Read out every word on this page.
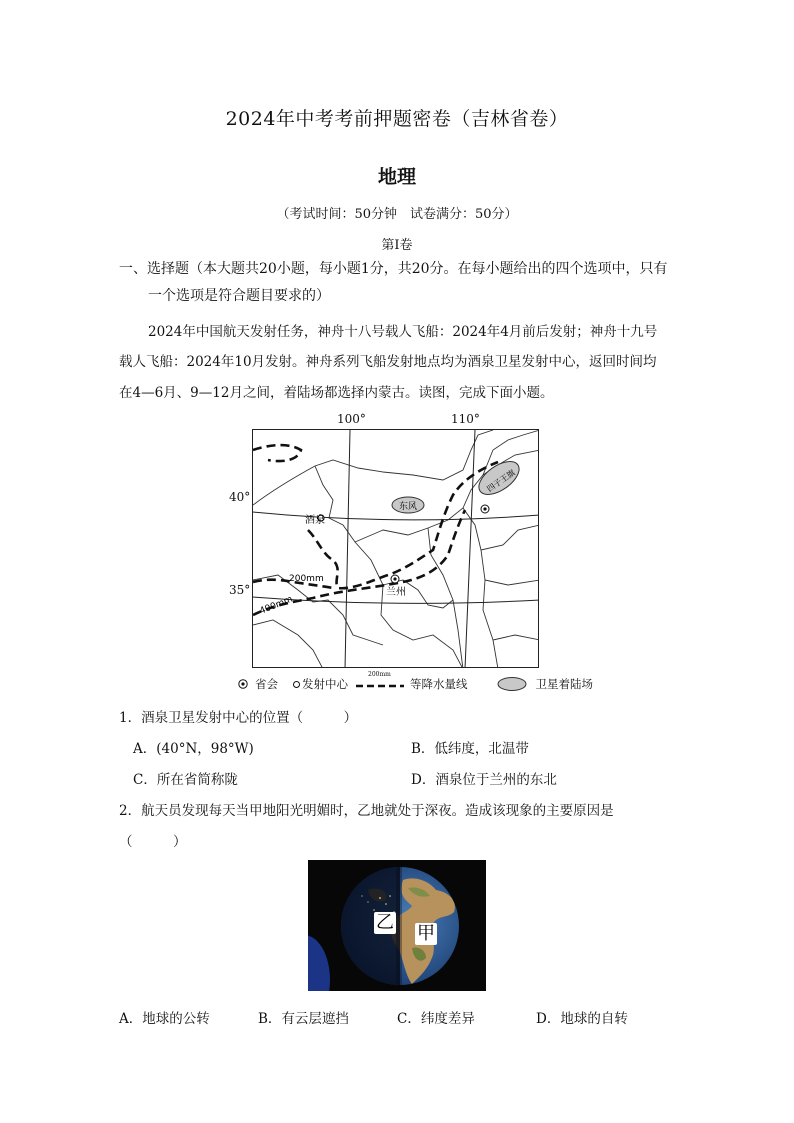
2024年中考考前押题密卷（吉林省卷）
地理
（考试时间：50分钟　试卷满分：50分）
第Ⅰ卷
一、选择题（本大题共20小题，每小题1分，共20分。在每小题给出的四个选项中，只有
一个选项是符合题目要求的）
2024年中国航天发射任务，神舟十八号载人飞船：2024年4月前后发射；神舟十九号
载人飞船：2024年10月发射。神舟系列飞船发射地点均为酒泉卫星发射中心，返回时间均
在4—6月、9—12月之间，着陆场都选择内蒙古。读图，完成下面小题。
100°	110°
40°
35°
酒泉
兰州
东风
四子王旗
200mm
400mm
省会 发射中心
200mm
等降水量线	卫星着陆场
1．酒泉卫星发射中心的位置（　　　）
A．(40°N，98°W)	B．低纬度，北温带
C．所在省简称陇	D．酒泉位于兰州的东北
2．航天员发现每天当甲地阳光明媚时，乙地就处于深夜。造成该现象的主要原因是
（　　　）
乙
甲
A．地球的公转	B．有云层遮挡	C．纬度差异	D．地球的自转
